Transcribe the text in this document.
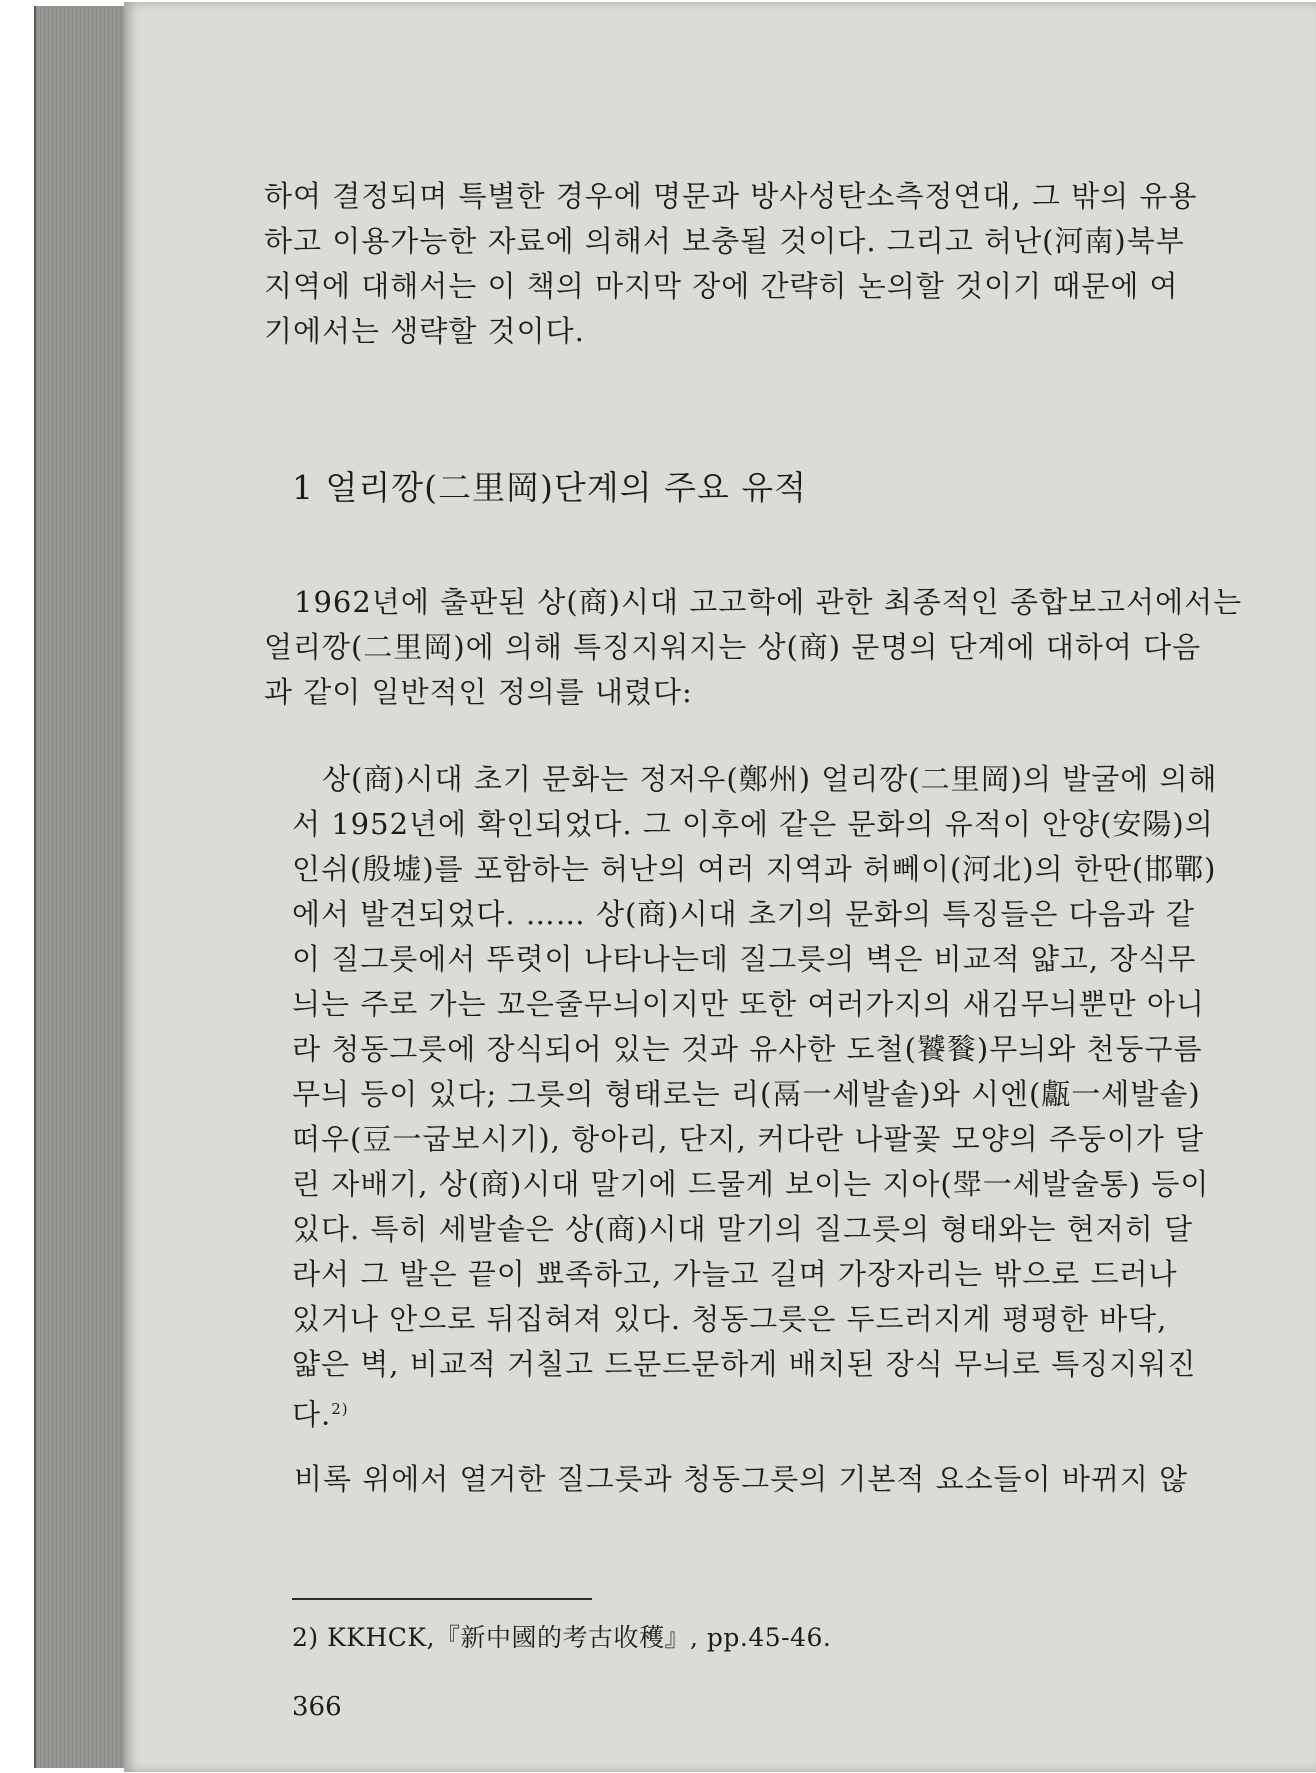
하여 결정되며 특별한 경우에 명문과 방사성탄소측정연대, 그 밖의 유용
하고 이용가능한 자료에 의해서 보충될 것이다. 그리고 허난(河南)북부
지역에 대해서는 이 책의 마지막 장에 간략히 논의할 것이기 때문에 여
기에서는 생략할 것이다.
1 얼리깡(二里岡)단계의 주요 유적
1962년에 출판된 상(商)시대 고고학에 관한 최종적인 종합보고서에서는
얼리깡(二里岡)에 의해 특징지워지는 상(商) 문명의 단계에 대하여 다음
과 같이 일반적인 정의를 내렸다:
상(商)시대 초기 문화는 정저우(鄭州) 얼리깡(二里岡)의 발굴에 의해
서 1952년에 확인되었다. 그 이후에 같은 문화의 유적이 안양(安陽)의
인쉬(殷墟)를 포함하는 허난의 여러 지역과 허뻬이(河北)의 한딴(邯鄲)
에서 발견되었다. …… 상(商)시대 초기의 문화의 특징들은 다음과 같
이 질그릇에서 뚜렷이 나타나는데 질그릇의 벽은 비교적 얇고, 장식무
늬는 주로 가는 꼬은줄무늬이지만 또한 여러가지의 새김무늬뿐만 아니
라 청동그릇에 장식되어 있는 것과 유사한 도철(饕餮)무늬와 천둥구름
무늬 등이 있다; 그릇의 형태로는 리(鬲一세발솥)와 시엔(甗一세발솥)
떠우(豆一굽보시기), 항아리, 단지, 커다란 나팔꽃 모양의 주둥이가 달
린 자배기, 상(商)시대 말기에 드물게 보이는 지아(斝一세발술통) 등이
있다. 특히 세발솥은 상(商)시대 말기의 질그릇의 형태와는 현저히 달
라서 그 발은 끝이 뾰족하고, 가늘고 길며 가장자리는 밖으로 드러나
있거나 안으로 뒤집혀져 있다. 청동그릇은 두드러지게 평평한 바닥,
얇은 벽, 비교적 거칠고 드문드문하게 배치된 장식 무늬로 특징지워진
다.$^{2)}$
비록 위에서 열거한 질그릇과 청동그릇의 기본적 요소들이 바뀌지 않
2) KKHCK,『新中國的考古收穫』, pp.45-46.
366
